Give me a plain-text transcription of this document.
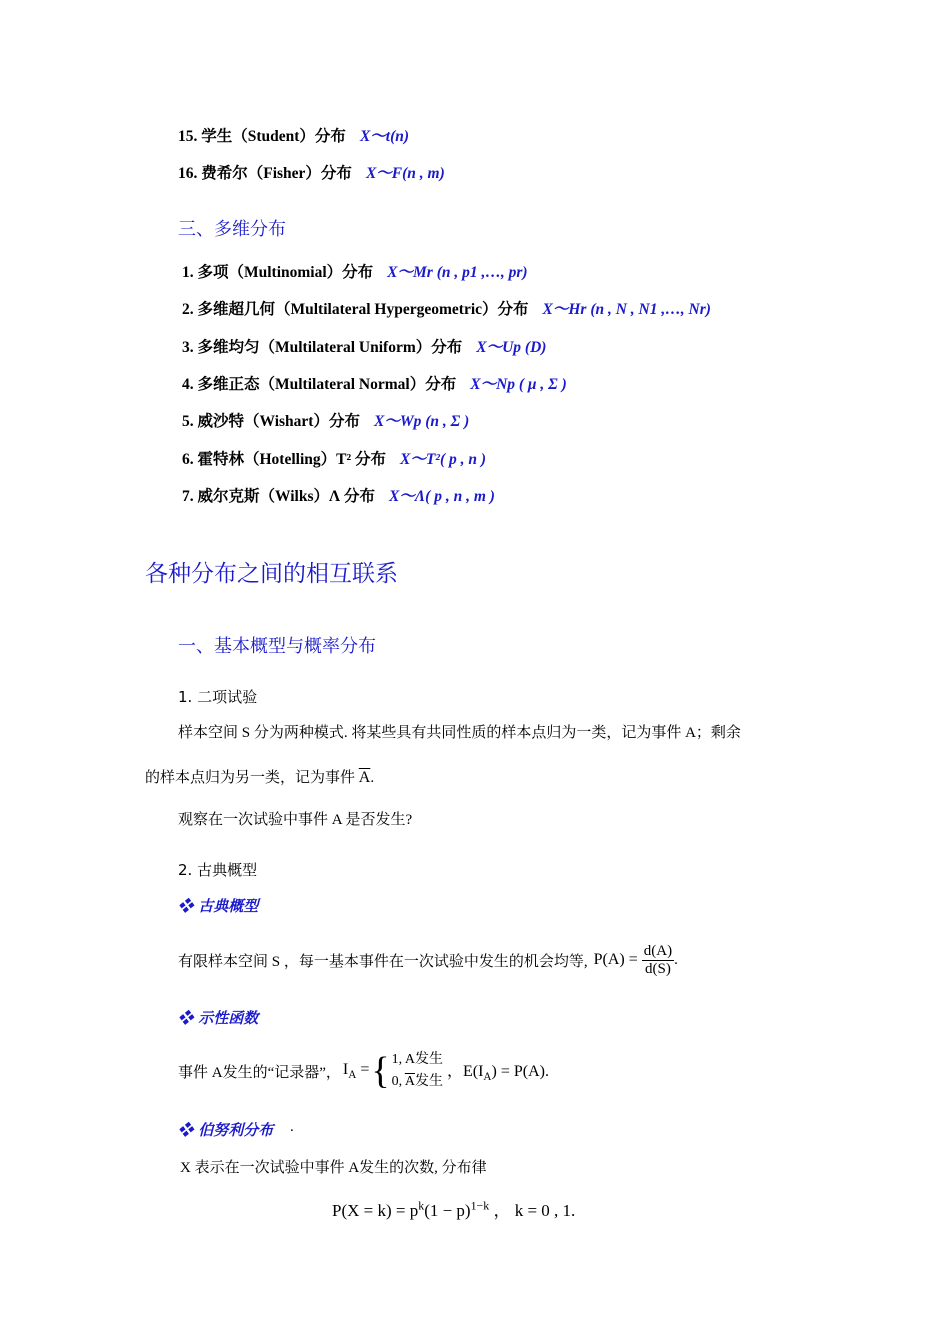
15. 学生（Student）分布 X～t(n)
16. 费希尔（Fisher）分布 X～F(n , m)
三、多维分布
1. 多项（Multinomial）分布 X～Mr (n , p1 ,…, pr)
2. 多维超几何（Multilateral Hypergeometric）分布 X～Hr (n , N , N1 ,…, Nr)
3. 多维均匀（Multilateral Uniform）分布 X～Up (D)
4. 多维正态（Multilateral Normal）分布 X～Np ( μ , Σ )
5. 威沙特（Wishart）分布 X～Wp (n , Σ )
6. 霍特林（Hotelling）T² 分布 X～T²( p , n )
7. 威尔克斯（Wilks）Λ 分布 X～Λ( p , n , m )
各种分布之间的相互联系
一、基本概型与概率分布
1. 二项试验
样本空间 S 分为两种模式. 将某些具有共同性质的样本点归为一类，记为事件 A；剩余
的样本点归为另一类，记为事件 $\overline{A}$.
观察在一次试验中事件 A 是否发生?
2. 古典概型
❖ 古典概型
有限样本空间 S ，每一基本事件在一次试验中发生的机会均等, $P(A) = \frac{d(A)}{d(S)}$ .
❖ 示性函数
事件 A发生的“记录器”， $I_A$ = { 1, A发生
0, $\overline{A}$发生
，$E(I_A) = P(A)$.
❖ 伯努利分布 .
X 表示在一次试验中事件 A发生的次数, 分布律
$P(X = k) = p^k(1 - p)^{1-k}$ ， k = 0 , 1.
